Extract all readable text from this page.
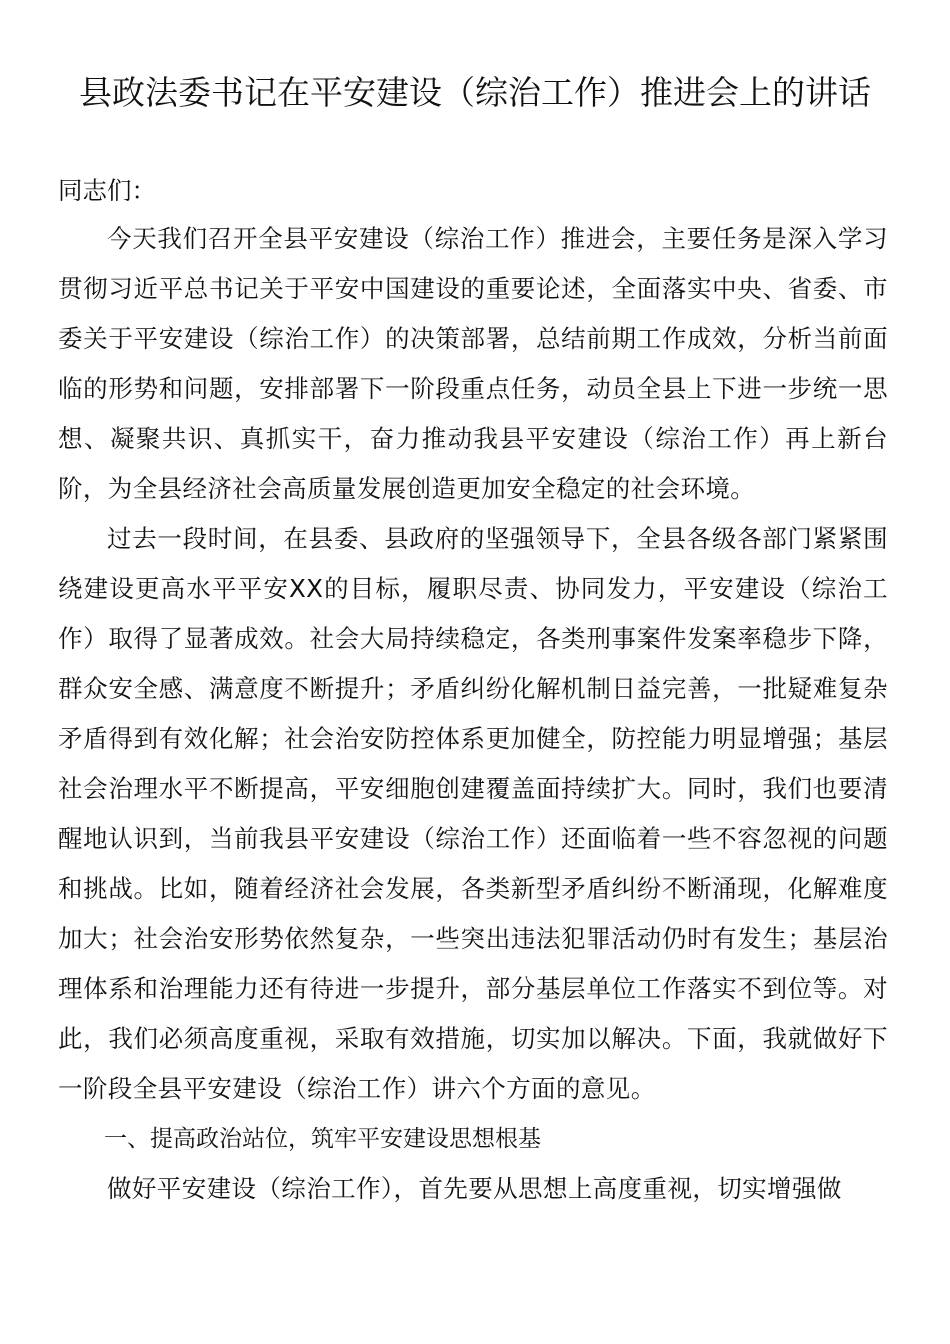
县政法委书记在平安建设（综治工作）推进会上的讲话

同志们：

今天我们召开全县平安建设（综治工作）推进会，主要任务是深入学习贯彻习近平总书记关于平安中国建设的重要论述，全面落实中央、省委、市委关于平安建设（综治工作）的决策部署，总结前期工作成效，分析当前面临的形势和问题，安排部署下一阶段重点任务，动员全县上下进一步统一思想、凝聚共识、真抓实干，奋力推动我县平安建设（综治工作）再上新台阶，为全县经济社会高质量发展创造更加安全稳定的社会环境。

过去一段时间，在县委、县政府的坚强领导下，全县各级各部门紧紧围绕建设更高水平平安XX的目标，履职尽责、协同发力，平安建设（综治工作）取得了显著成效。社会大局持续稳定，各类刑事案件发案率稳步下降，群众安全感、满意度不断提升；矛盾纠纷化解机制日益完善，一批疑难复杂矛盾得到有效化解；社会治安防控体系更加健全，防控能力明显增强；基层社会治理水平不断提高，平安细胞创建覆盖面持续扩大。同时，我们也要清醒地认识到，当前我县平安建设（综治工作）还面临着一些不容忽视的问题和挑战。比如，随着经济社会发展，各类新型矛盾纠纷不断涌现，化解难度加大；社会治安形势依然复杂，一些突出违法犯罪活动仍时有发生；基层治理体系和治理能力还有待进一步提升，部分基层单位工作落实不到位等。对此，我们必须高度重视，采取有效措施，切实加以解决。下面，我就做好下一阶段全县平安建设（综治工作）讲六个方面的意见。

一、提高政治站位，筑牢平安建设思想根基

做好平安建设（综治工作），首先要从思想上高度重视，切实增强做
